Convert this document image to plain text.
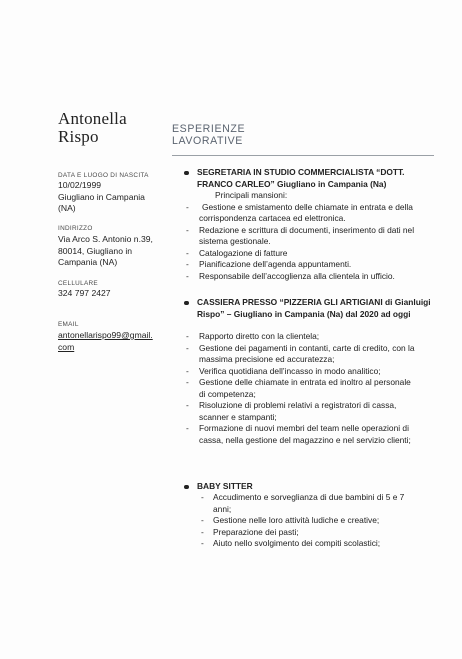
Antonella
Rispo
DATA E LUOGO DI NASCITA
10/02/1999
Giugliano in Campania
(NA)
INDIRIZZO
Via Arco S. Antonio n.39,
80014, Giugliano in
Campania (NA)
CELLULARE
324 797 2427
EMAIL
antonellarispo99@gmail.
com
ESPERIENZE
LAVORATIVE
SEGRETARIA IN STUDIO COMMERCIALISTA “DOTT.
FRANCO CARLEO” Giugliano in Campania (Na)
Principali mansioni:
- Gestione e smistamento delle chiamate in entrata e della
corrispondenza cartacea ed elettronica.
- Redazione e scrittura di documenti, inserimento di dati nel
sistema gestionale.
- Catalogazione di fatture
- Pianificazione dell’agenda appuntamenti.
- Responsabile dell’accoglienza alla clientela in ufficio.
CASSIERA PRESSO “PIZZERIA GLI ARTIGIANI di Gianluigi
Rispo” – Giugliano in Campania (Na) dal 2020 ad oggi
- Rapporto diretto con la clientela;
- Gestione dei pagamenti in contanti, carte di credito, con la
massima precisione ed accuratezza;
- Verifica quotidiana dell’incasso in modo analitico;
- Gestione delle chiamate in entrata ed inoltro al personale
di competenza;
- Risoluzione di problemi relativi a registratori di cassa,
scanner e stampanti;
- Formazione di nuovi membri del team nelle operazioni di
cassa, nella gestione del magazzino e nel servizio clienti;
BABY SITTER
- Accudimento e sorveglianza di due bambini di 5 e 7
anni;
- Gestione nelle loro attività ludiche e creative;
- Preparazione dei pasti;
- Aiuto nello svolgimento dei compiti scolastici;
